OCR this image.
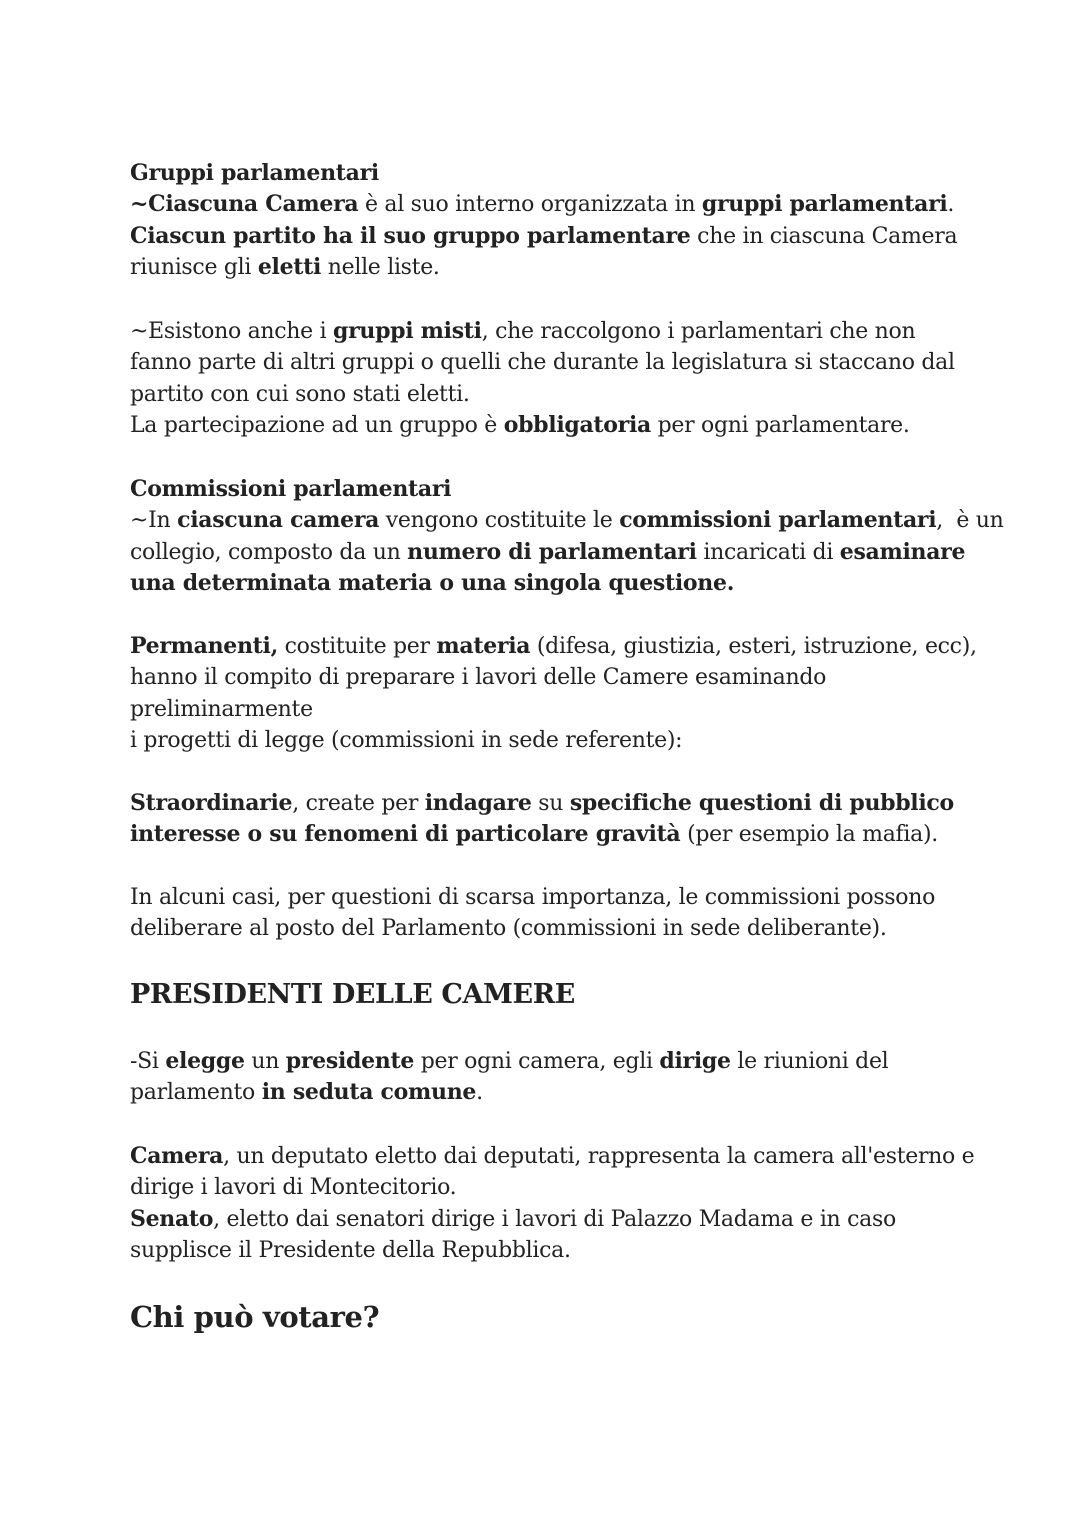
Gruppi parlamentari
~Ciascuna Camera è al suo interno organizzata in gruppi parlamentari.
Ciascun partito ha il suo gruppo parlamentare che in ciascuna Camera
riunisce gli eletti nelle liste.
~Esistono anche i gruppi misti, che raccolgono i parlamentari che non
fanno parte di altri gruppi o quelli che durante la legislatura si staccano dal
partito con cui sono stati eletti.
La partecipazione ad un gruppo è obbligatoria per ogni parlamentare.
Commissioni parlamentari
~In ciascuna camera vengono costituite le commissioni parlamentari,  è un
collegio, composto da un numero di parlamentari incaricati di esaminare
una determinata materia o una singola questione.
Permanenti, costituite per materia (difesa, giustizia, esteri, istruzione, ecc),
hanno il compito di preparare i lavori delle Camere esaminando
preliminarmente
i progetti di legge (commissioni in sede referente):
Straordinarie, create per indagare su specifiche questioni di pubblico
interesse o su fenomeni di particolare gravità (per esempio la mafia).
In alcuni casi, per questioni di scarsa importanza, le commissioni possono
deliberare al posto del Parlamento (commissioni in sede deliberante).
PRESIDENTI DELLE CAMERE
-Si elegge un presidente per ogni camera, egli dirige le riunioni del
parlamento in seduta comune.
Camera, un deputato eletto dai deputati, rappresenta la camera all'esterno e
dirige i lavori di Montecitorio.
Senato, eletto dai senatori dirige i lavori di Palazzo Madama e in caso
supplisce il Presidente della Repubblica.
Chi può votare?
